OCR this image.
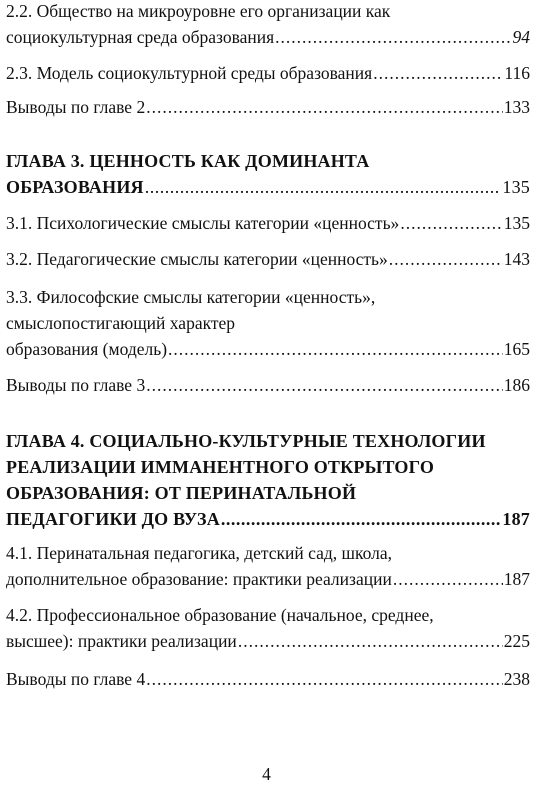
2.2. Общество на микроуровне его организации как
социокультурная среда образования .....	94
2.3. Модель социокультурной среды образования .....	116
Выводы по главе 2 .....	133
ГЛАВА 3. ЦЕННОСТЬ КАК ДОМИНАНТА
ОБРАЗОВАНИЯ .....	135
3.1. Психологические смыслы категории «ценность» .....	135
3.2. Педагогические смыслы категории «ценность» .....	143
3.3. Философские смыслы категории «ценность»,
смыслопостигающий характер
образования (модель) .....	165
Выводы по главе 3 .....	186
ГЛАВА 4. СОЦИАЛЬНО-КУЛЬТУРНЫЕ ТЕХНОЛОГИИ
РЕАЛИЗАЦИИ ИММАНЕНТНОГО ОТКРЫТОГО
ОБРАЗОВАНИЯ: ОТ ПЕРИНАТАЛЬНОЙ
ПЕДАГОГИКИ ДО ВУЗА .....	187
4.1. Перинатальная педагогика, детский сад, школа,
дополнительное образование: практики реализации .....	187
4.2. Профессиональное образование (начальное, среднее,
высшее): практики реализации .....	225
Выводы по главе 4 .....	238
4
